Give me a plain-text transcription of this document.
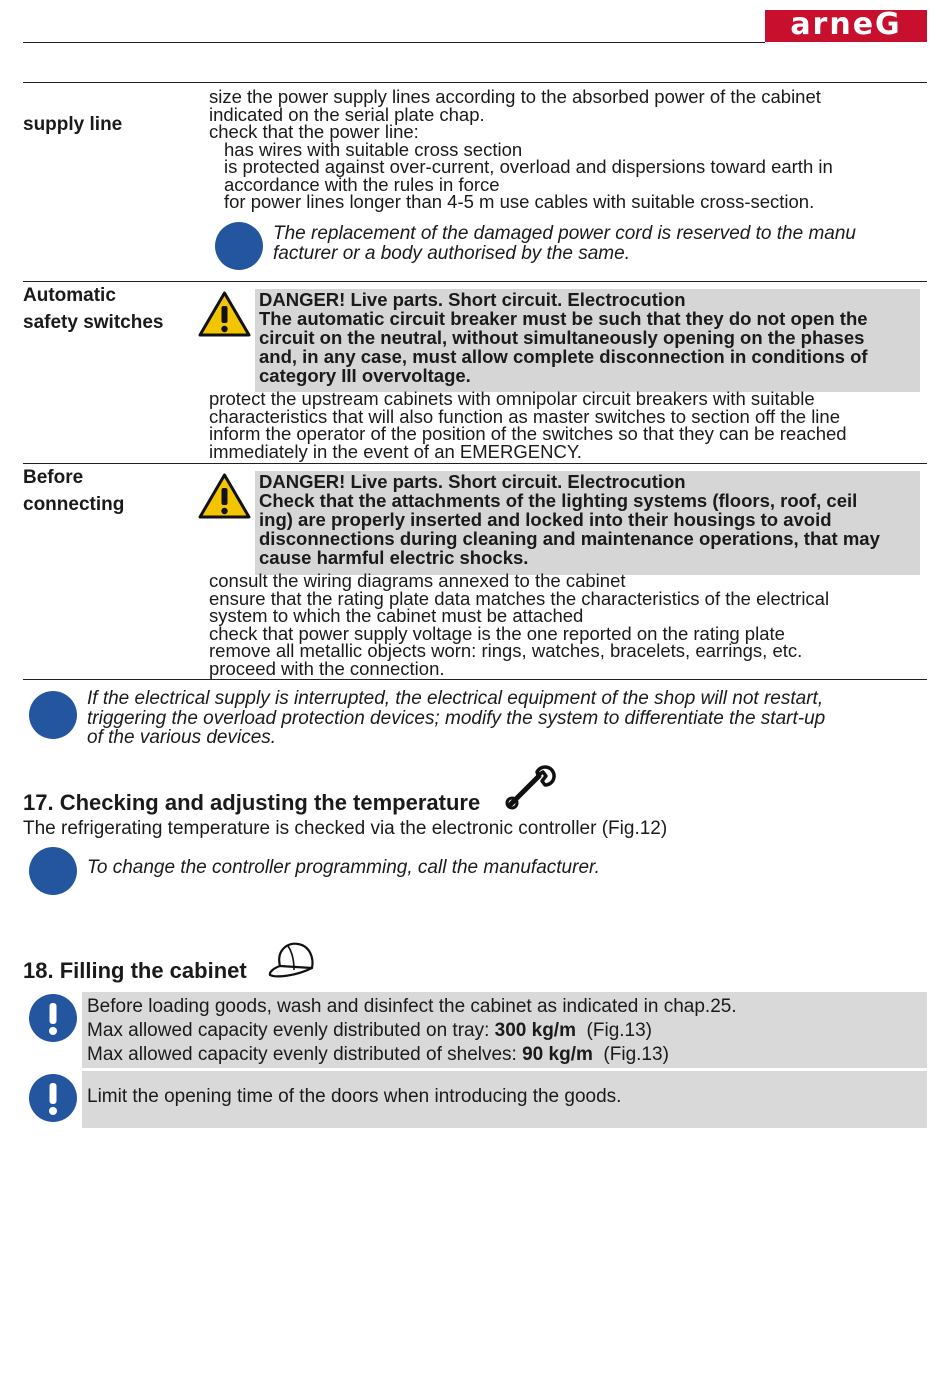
arneG
supply line
size the power supply lines according to the absorbed power of the cabinet
indicated on the serial plate chap.
check that the power line:
has wires with suitable cross section
is protected against over-current, overload and dispersions toward earth in
accordance with the rules in force
for power lines longer than 4-5 m use cables with suitable cross-section.
The replacement of the damaged power cord is reserved to the manu
facturer or a body authorised by the same.
Automatic
safety switches
DANGER! Live parts. Short circuit. Electrocution
The automatic circuit breaker must be such that they do not open the
circuit on the neutral, without simultaneously opening on the phases
and, in any case, must allow complete disconnection in conditions of
category III overvoltage.
protect the upstream cabinets with omnipolar circuit breakers with suitable
characteristics that will also function as master switches to section off the line
inform the operator of the position of the switches so that they can be reached
immediately in the event of an EMERGENCY.
Before
connecting
DANGER! Live parts. Short circuit. Electrocution
Check that the attachments of the lighting systems (floors, roof, ceil
ing) are properly inserted and locked into their housings to avoid
disconnections during cleaning and maintenance operations, that may
cause harmful electric shocks.
consult the wiring diagrams annexed to the cabinet
ensure that the rating plate data matches the characteristics of the electrical
system to which the cabinet must be attached
check that power supply voltage is the one reported on the rating plate
remove all metallic objects worn: rings, watches, bracelets, earrings, etc.
proceed with the connection.
If the electrical supply is interrupted, the electrical equipment of the shop will not restart,
triggering the overload protection devices; modify the system to differentiate the start-up
of the various devices.
17. Checking and adjusting the temperature
The refrigerating temperature is checked via the electronic controller (Fig.12)
To change the controller programming, call the manufacturer.
18. Filling the cabinet
Before loading goods, wash and disinfect the cabinet as indicated in chap.25.
Max allowed capacity evenly distributed on tray: 300 kg/m  (Fig.13)
Max allowed capacity evenly distributed of shelves: 90 kg/m  (Fig.13)
Limit the opening time of the doors when introducing the goods.
